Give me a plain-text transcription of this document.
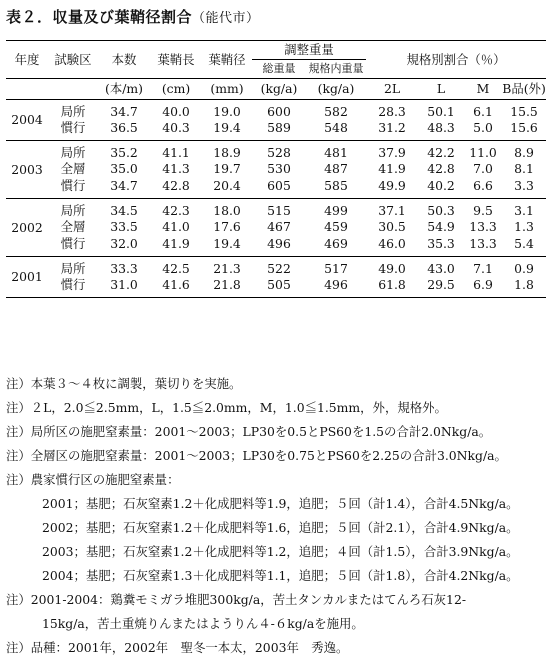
表２．収量及び葉鞘径割合（能代市）
年度	試験区	本数	葉鞘長	葉鞘径	調整重量		規格別割合（％）			
					総重量	規格内重量				
		(本/m)	(cm)	(mm)	(kg/a)	(kg/a)	2L	L	M	B品(外)
2004	局所	34.7	40.0	19.0	600	582	28.3	50.1	6.1	15.5
	慣行	36.5	40.3	19.4	589	548	31.2	48.3	5.0	15.6
2003	局所	35.2	41.1	18.9	528	481	37.9	42.2	11.0	8.9
	全層	35.0	41.3	19.7	530	487	41.9	42.8	7.0	8.1
	慣行	34.7	42.8	20.4	605	585	49.9	40.2	6.6	3.3
2002	局所	34.5	42.3	18.0	515	499	37.1	50.3	9.5	3.1
	全層	33.5	41.0	17.6	467	459	30.5	54.9	13.3	1.3
	慣行	32.0	41.9	19.4	496	469	46.0	35.3	13.3	5.4
2001	局所	33.3	42.5	21.3	522	517	49.0	43.0	7.1	0.9
	慣行	31.0	41.6	21.8	505	496	61.8	29.5	6.9	1.8
注）本葉３～４枚に調製，葉切りを実施。
注）２L，2.0≦2.5mm，L，1.5≦2.0mm，M，1.0≦1.5mm，外，規格外。
注）局所区の施肥窒素量：2001～2003；LP30を0.5とPS60を1.5の合計2.0Nkg/a。
注）全層区の施肥窒素量：2001～2003；LP30を0.75とPS60を2.25の合計3.0Nkg/a。
注）農家慣行区の施肥窒素量：
2001；基肥；石灰窒素1.2＋化成肥料等1.9，追肥；５回（計1.4），合計4.5Nkg/a。
2002；基肥；石灰窒素1.2＋化成肥料等1.6，追肥；５回（計2.1），合計4.9Nkg/a。
2003；基肥；石灰窒素1.2＋化成肥料等1.2，追肥；４回（計1.5），合計3.9Nkg/a。
2004；基肥；石灰窒素1.3＋化成肥料等1.1，追肥；５回（計1.8），合計4.2Nkg/a。
注）2001-2004：鶏糞モミガラ堆肥300kg/a，苦土タンカルまたはてんろ石灰12-
15kg/a，苦土重焼りんまたはようりん４-６kg/aを施用。
注）品種：2001年，2002年　聖冬一本太，2003年　秀逸。
